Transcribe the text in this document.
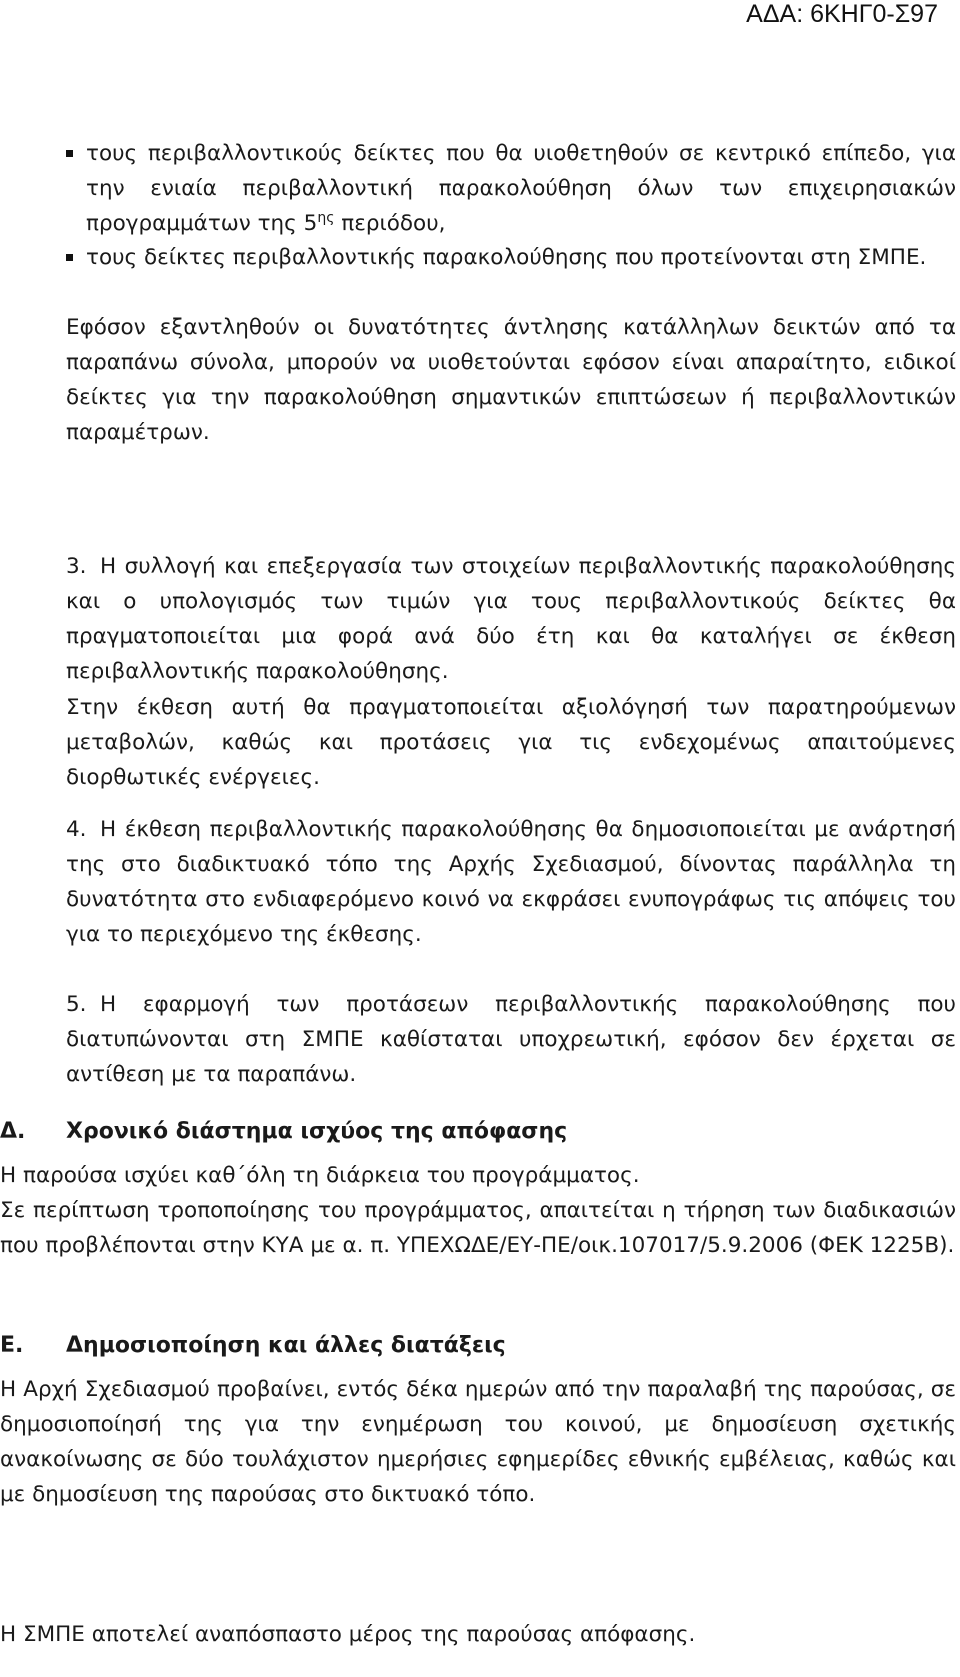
ΑΔΑ: 6ΚΗΓ0-Σ97

τους περιβαλλοντικούς δείκτες που θα υιοθετηθούν σε κεντρικό επίπεδο, για την ενιαία περιβαλλοντική παρακολούθηση όλων των επιχειρησιακών προγραμμάτων της $5^{\eta\varsigma}$ περιόδου,

τους δείκτες περιβαλλοντικής παρακολούθησης που προτείνονται στη ΣΜΠΕ.

Εφόσον εξαντληθούν οι δυνατότητες άντλησης κατάλληλων δεικτών από τα παραπάνω σύνολα, μπορούν να υιοθετούνται εφόσον είναι απαραίτητο, ειδικοί δείκτες για την παρακολούθηση σημαντικών επιπτώσεων ή περιβαλλοντικών παραμέτρων.

3. Η συλλογή και επεξεργασία των στοιχείων περιβαλλοντικής παρακολούθησης και ο υπολογισμός των τιμών για τους περιβαλλοντικούς δείκτες θα πραγματοποιείται μια φορά ανά δύο έτη και θα καταλήγει σε έκθεση περιβαλλοντικής παρακολούθησης.

Στην έκθεση αυτή θα πραγματοποιείται αξιολόγησή των παρατηρούμενων μεταβολών, καθώς και προτάσεις για τις ενδεχομένως απαιτούμενες διορθωτικές ενέργειες.

4. Η έκθεση περιβαλλοντικής παρακολούθησης θα δημοσιοποιείται με ανάρτησή της στο διαδικτυακό τόπο της Αρχής Σχεδιασμού, δίνοντας παράλληλα τη δυνατότητα στο ενδιαφερόμενο κοινό να εκφράσει ενυπογράφως τις απόψεις του για το περιεχόμενο της έκθεσης.

5. Η εφαρμογή των προτάσεων περιβαλλοντικής παρακολούθησης που διατυπώνονται στη ΣΜΠΕ καθίσταται υποχρεωτική, εφόσον δεν έρχεται σε αντίθεση με τα παραπάνω.

Δ. Χρονικό διάστημα ισχύος της απόφασης

Η παρούσα ισχύει καθ΄όλη τη διάρκεια του προγράμματος.

Σε περίπτωση τροποποίησης του προγράμματος, απαιτείται η τήρηση των διαδικασιών που προβλέπονται στην ΚΥΑ με α. π. ΥΠΕΧΩΔΕ/ΕΥ-ΠΕ/οικ.107017/5.9.2006 (ΦΕΚ 1225Β).

Ε. Δημοσιοποίηση και άλλες διατάξεις

Η Αρχή Σχεδιασμού προβαίνει, εντός δέκα ημερών από την παραλαβή της παρούσας, σε δημοσιοποίησή της για την ενημέρωση του κοινού, με δημοσίευση σχετικής ανακοίνωσης σε δύο τουλάχιστον ημερήσιες εφημερίδες εθνικής εμβέλειας, καθώς και με δημοσίευση της παρούσας στο δικτυακό τόπο.

Η ΣΜΠΕ αποτελεί αναπόσπαστο μέρος της παρούσας απόφασης.
